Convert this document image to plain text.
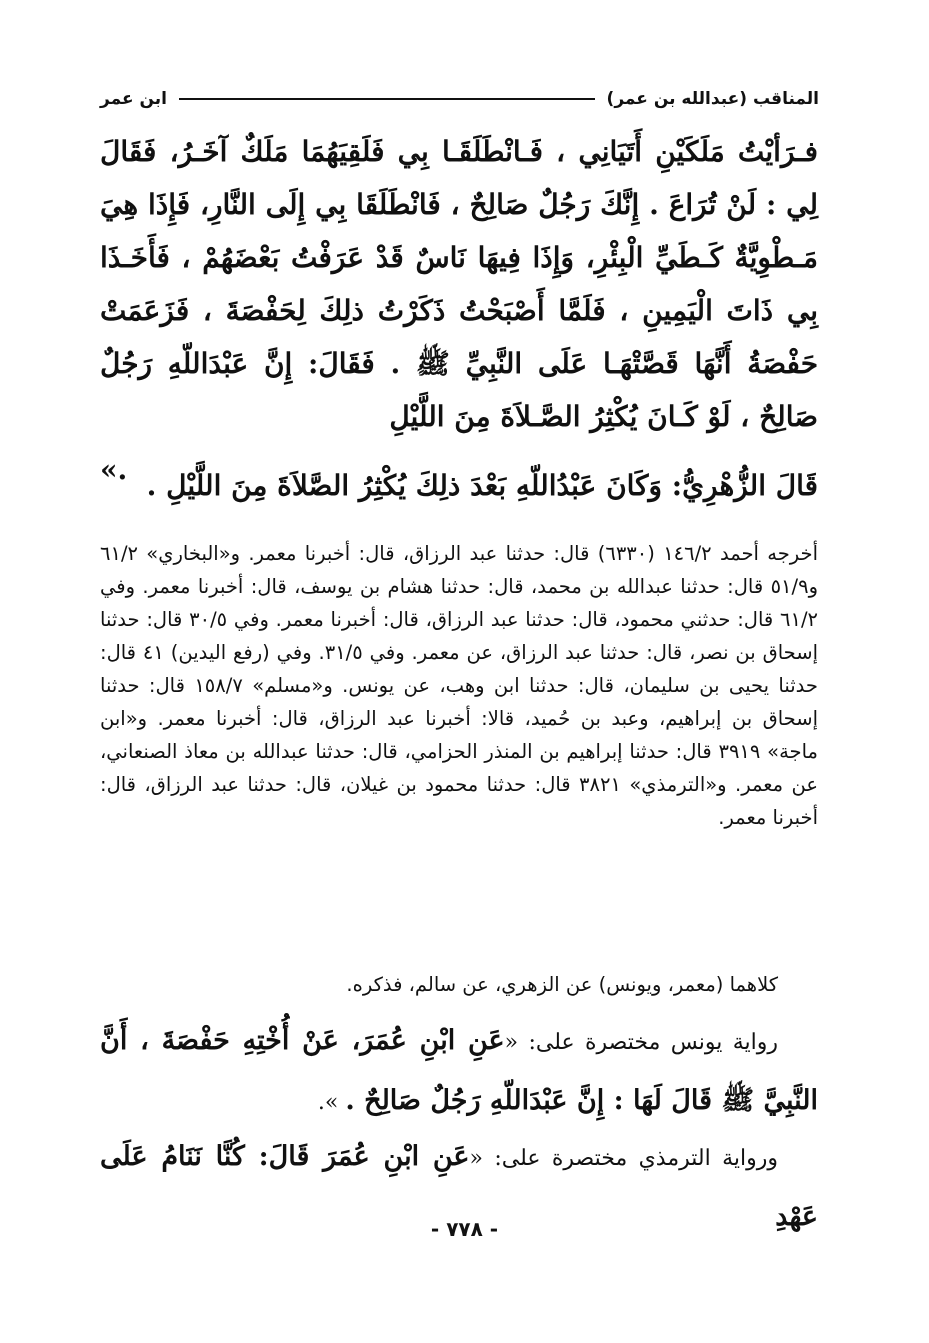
المناقب (عبدالله بن عمر)
ابن عمر
فـرَأيْتُ مَلَكَيْنِ أَتَيَانِي ، فَـانْطَلَقَـا بِي فَلَقِيَهُمَا مَلَكٌ آخَـرُ، فَقَالَ لِي : لَنْ تُرَاعَ . إِنَّكَ رَجُلٌ صَالِحٌ ، فَانْطَلَقَا بِي إِلَى النَّارِ، فَإِذَا هِيَ مَـطْوِيَّةٌ كَـطَيِّ الْبِئْرِ، وَإِذَا فِيهَا نَاسٌ قَدْ عَرَفْتُ بَعْضَهُمْ ، فَأَخَـذَا بِي ذَاتَ الْيَمِينِ ، فَلَمَّا أَصْبَحْتُ ذَكَرْتُ ذلِكَ لِحَفْصَةَ ، فَزَعَمَتْ حَفْصَةُ أَنَّهَا قَصَّتْهَـا عَلَى النَّبِيِّ ﷺ . فَقَالَ: إِنَّ عَبْدَاللّهِ رَجُلٌ صَالِحٌ ، لَوْ كَـانَ يُكْثِرُ الصَّـلاَةَ مِنَ اللَّيْلِ
.» قَالَ الزُّهْرِيُّ: وَكَانَ عَبْدُاللّهِ بَعْدَ ذلِكَ يُكْثِرُ الصَّلاَةَ مِنَ اللَّيْلِ .
أخرجه أحمد ١٤٦/٢ (٦٣٣٠) قال: حدثنا عبد الرزاق، قال: أخبرنا معمر. و«البخاري» ٦١/٢ و٥١/٩ قال: حدثنا عبدالله بن محمد، قال: حدثنا هشام بن يوسف، قال: أخبرنا معمر. وفي ٦١/٢ قال: حدثني محمود، قال: حدثنا عبد الرزاق، قال: أخبرنا معمر. وفي ٣٠/٥ قال: حدثنا إسحاق بن نصر، قال: حدثنا عبد الرزاق، عن معمر. وفي ٣١/٥. وفي (رفع اليدين) ٤١ قال: حدثنا يحيى بن سليمان، قال: حدثنا ابن وهب، عن يونس. و«مسلم» ١٥٨/٧ قال: حدثنا إسحاق بن إبراهيم، وعبد بن حُميد، قالا: أخبرنا عبد الرزاق، قال: أخبرنا معمر. و«ابن ماجة» ٣٩١٩ قال: حدثنا إبراهيم بن المنذر الحزامي، قال: حدثنا عبدالله بن معاذ الصنعاني، عن معمر. و«الترمذي» ٣٨٢١ قال: حدثنا محمود بن غيلان، قال: حدثنا عبد الرزاق، قال: أخبرنا معمر.
كلاهما (معمر، ويونس) عن الزهري، عن سالم، فذكره.
رواية يونس مختصرة على: «عَنِ ابْنِ عُمَرَ، عَنْ أُخْتِهِ حَفْصَةَ ، أَنَّ النَّبِيَّ ﷺ قَالَ لَهَا : إِنَّ عَبْدَاللّهِ رَجُلٌ صَالِحٌ . ».
ورواية الترمذي مختصرة على: «عَنِ ابْنِ عُمَرَ قَالَ: كُنَّا نَنَامُ عَلَى عَهْدِ
- ٧٧٨ -
